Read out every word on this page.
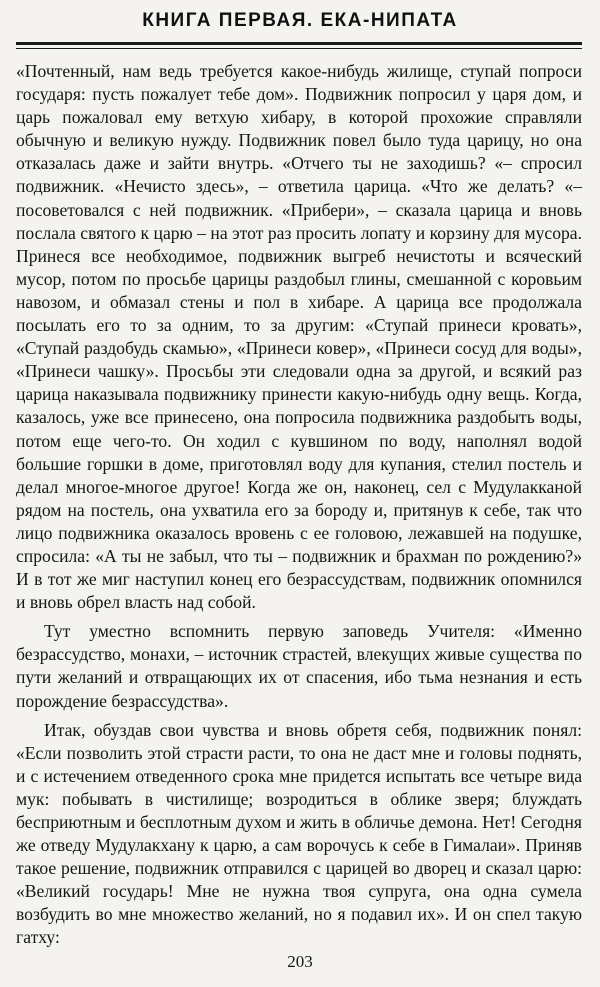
КНИГА ПЕРВАЯ. ЕКА-НИПАТА

«Почтенный, нам ведь требуется какое-нибудь жилище, ступай попроси государя: пусть пожалует тебе дом». Подвижник попросил у царя дом, и царь пожаловал ему ветхую хибару, в которой прохожие справляли обычную и великую нужду. Подвижник повел было туда царицу, но она отказалась даже и зайти внутрь. «Отчего ты не заходишь? «– спросил подвижник. «Нечисто здесь», – ответила царица. «Что же делать? «– посоветовался с ней подвижник. «Прибери», – сказала царица и вновь послала святого к царю – на этот раз просить лопату и корзину для мусора. Принеся все необходимое, подвижник выгреб нечистоты и всяческий мусор, потом по просьбе царицы раздобыл глины, смешанной с коровьим навозом, и обмазал стены и пол в хибаре. А царица все продолжала посылать его то за одним, то за другим: «Ступай принеси кровать», «Ступай раздобудь скамью», «Принеси ковер», «Принеси сосуд для воды», «Принеси чашку». Просьбы эти следовали одна за другой, и всякий раз царица наказывала подвижнику принести какую-нибудь одну вещь. Когда, казалось, уже все принесено, она попросила подвижника раздобыть воды, потом еще чего-то. Он ходил с кувшином по воду, наполнял водой большие горшки в доме, приготовлял воду для купания, стелил постель и делал многое-многое другое! Когда же он, наконец, сел с Мудулакканой рядом на постель, она ухватила его за бороду и, притянув к себе, так что лицо подвижника оказалось вровень с ее головою, лежавшей на подушке, спросила: «А ты не забыл, что ты – подвижник и брахман по рождению?» И в тот же миг наступил конец его безрассудствам, подвижник опомнился и вновь обрел власть над собой.

Тут уместно вспомнить первую заповедь Учителя: «Именно безрассудство, монахи, – источник страстей, влекущих живые существа по пути желаний и отвращающих их от спасения, ибо тьма незнания и есть порождение безрассудства».

Итак, обуздав свои чувства и вновь обретя себя, подвижник понял: «Если позволить этой страсти расти, то она не даст мне и головы поднять, и с истечением отведенного срока мне придется испытать все четыре вида мук: побывать в чистилище; возродиться в облике зверя; блуждать бесприютным и бесплотным духом и жить в обличье демона. Нет! Сегодня же отведу Мудулакхану к царю, а сам ворочусь к себе в Гималаи». Приняв такое решение, подвижник отправился с царицей во дворец и сказал царю: «Великий государь! Мне не нужна твоя супруга, она одна сумела возбудить во мне множество желаний, но я подавил их». И он спел такую гатху:

203
